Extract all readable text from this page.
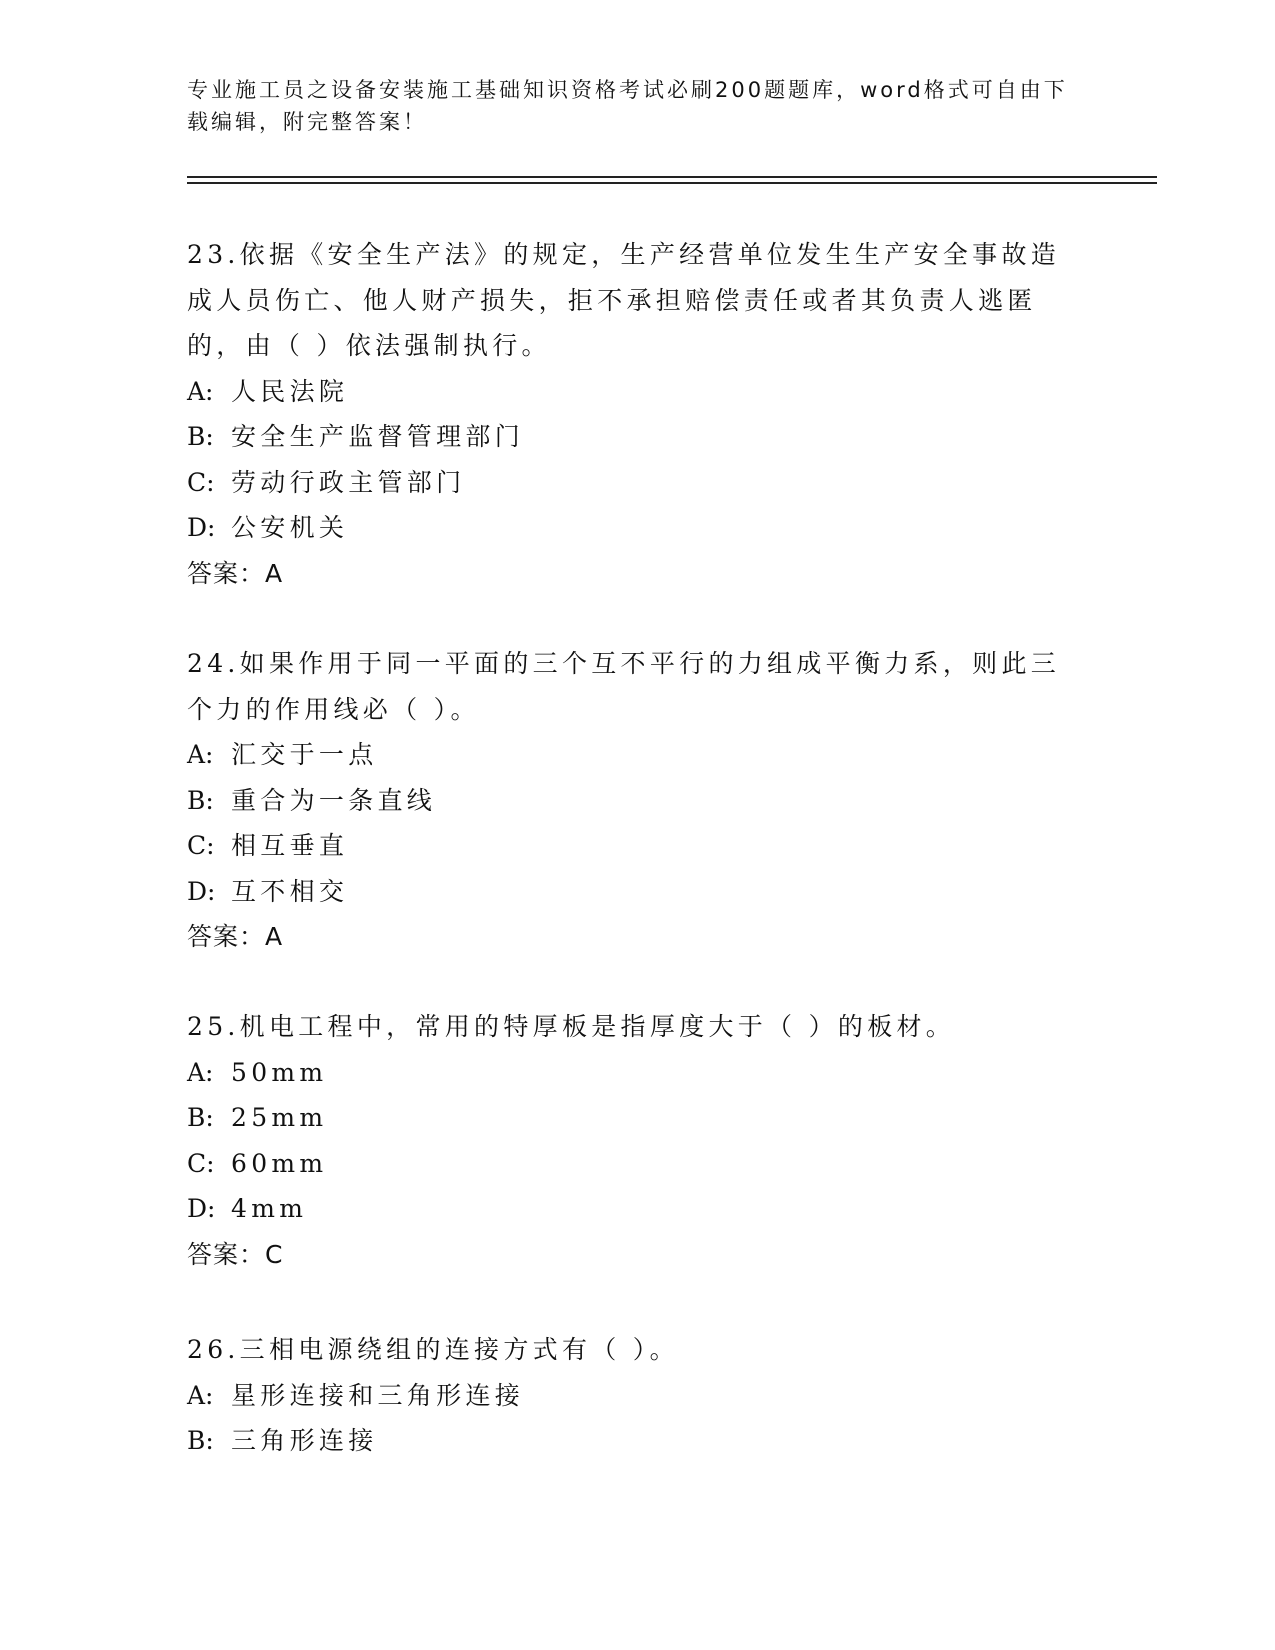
专业施工员之设备安装施工基础知识资格考试必刷200题题库，word格式可自由下载编辑，附完整答案！

23.依据《安全生产法》的规定，生产经营单位发生生产安全事故造成人员伤亡、他人财产损失，拒不承担赔偿责任或者其负责人逃匿的，由（ ）依法强制执行。

A: 人民法院

B: 安全生产监督管理部门

C: 劳动行政主管部门

D: 公安机关

答案：A

24.如果作用于同一平面的三个互不平行的力组成平衡力系，则此三个力的作用线必（ ）。

A: 汇交于一点

B: 重合为一条直线

C: 相互垂直

D: 互不相交

答案：A

25.机电工程中，常用的特厚板是指厚度大于（ ）的板材。

A: 50mm

B: 25mm

C: 60mm

D: 4mm

答案：C

26.三相电源绕组的连接方式有（ ）。

A: 星形连接和三角形连接

B: 三角形连接
